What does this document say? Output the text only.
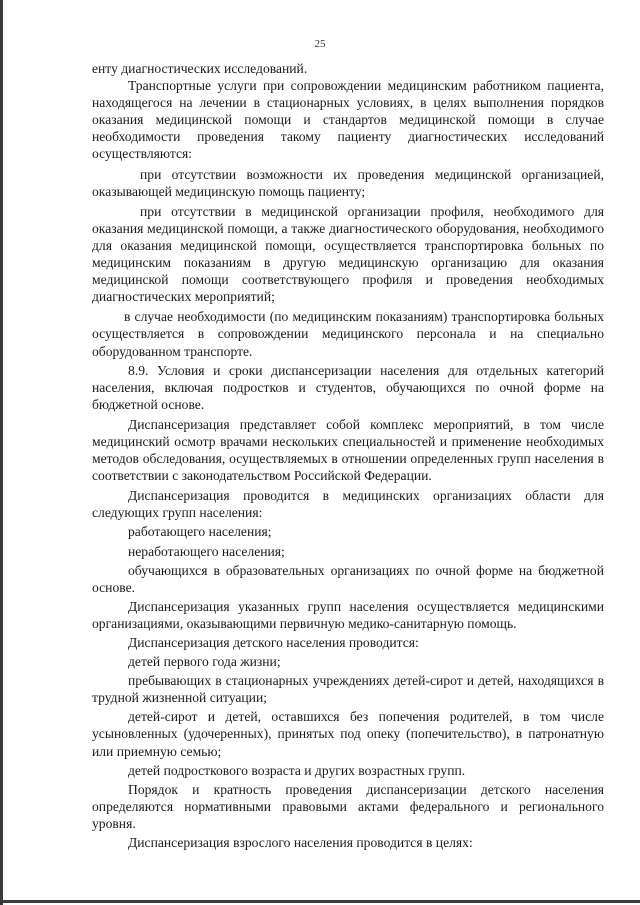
25

енту диагностических исследований.

Транспортные услуги при сопровождении медицинским работником пациента, находящегося на лечении в стационарных условиях, в целях выполнения порядков оказания медицинской помощи и стандартов медицинской помощи в случае необходимости проведения такому пациенту диагностических исследований осуществляются:

при отсутствии возможности их проведения медицинской организацией, оказывающей медицинскую помощь пациенту;

при отсутствии в медицинской организации профиля, необходимого для оказания медицинской помощи, а также диагностического оборудования, необходимого для оказания медицинской помощи, осуществляется транспортировка больных по медицинским показаниям в другую медицинскую организацию для оказания медицинской помощи соответствующего профиля и проведения необходимых диагностических мероприятий;

в случае необходимости (по медицинским показаниям) транспортировка больных осуществляется в сопровождении медицинского персонала и на специально оборудованном транспорте.

8.9. Условия и сроки диспансеризации населения для отдельных категорий населения, включая подростков и студентов, обучающихся по очной форме на бюджетной основе.

Диспансеризация представляет собой комплекс мероприятий, в том числе медицинский осмотр врачами нескольких специальностей и применение необходимых методов обследования, осуществляемых в отношении определенных групп населения в соответствии с законодательством Российской Федерации.

Диспансеризация проводится в медицинских организациях области для следующих групп населения:

работающего населения;

неработающего населения;

обучающихся в образовательных организациях по очной форме на бюджетной основе.

Диспансеризация указанных групп населения осуществляется медицинскими организациями, оказывающими первичную медико-санитарную помощь.

Диспансеризация детского населения проводится:

детей первого года жизни;

пребывающих в стационарных учреждениях детей-сирот и детей, находящихся в трудной жизненной ситуации;

детей-сирот и детей, оставшихся без попечения родителей, в том числе усыновленных (удочеренных), принятых под опеку (попечительство), в патронатную или приемную семью;

детей подросткового возраста и других возрастных групп.

Порядок и кратность проведения диспансеризации детского населения определяются нормативными правовыми актами федерального и регионального уровня.

Диспансеризация взрослого населения проводится в целях:
